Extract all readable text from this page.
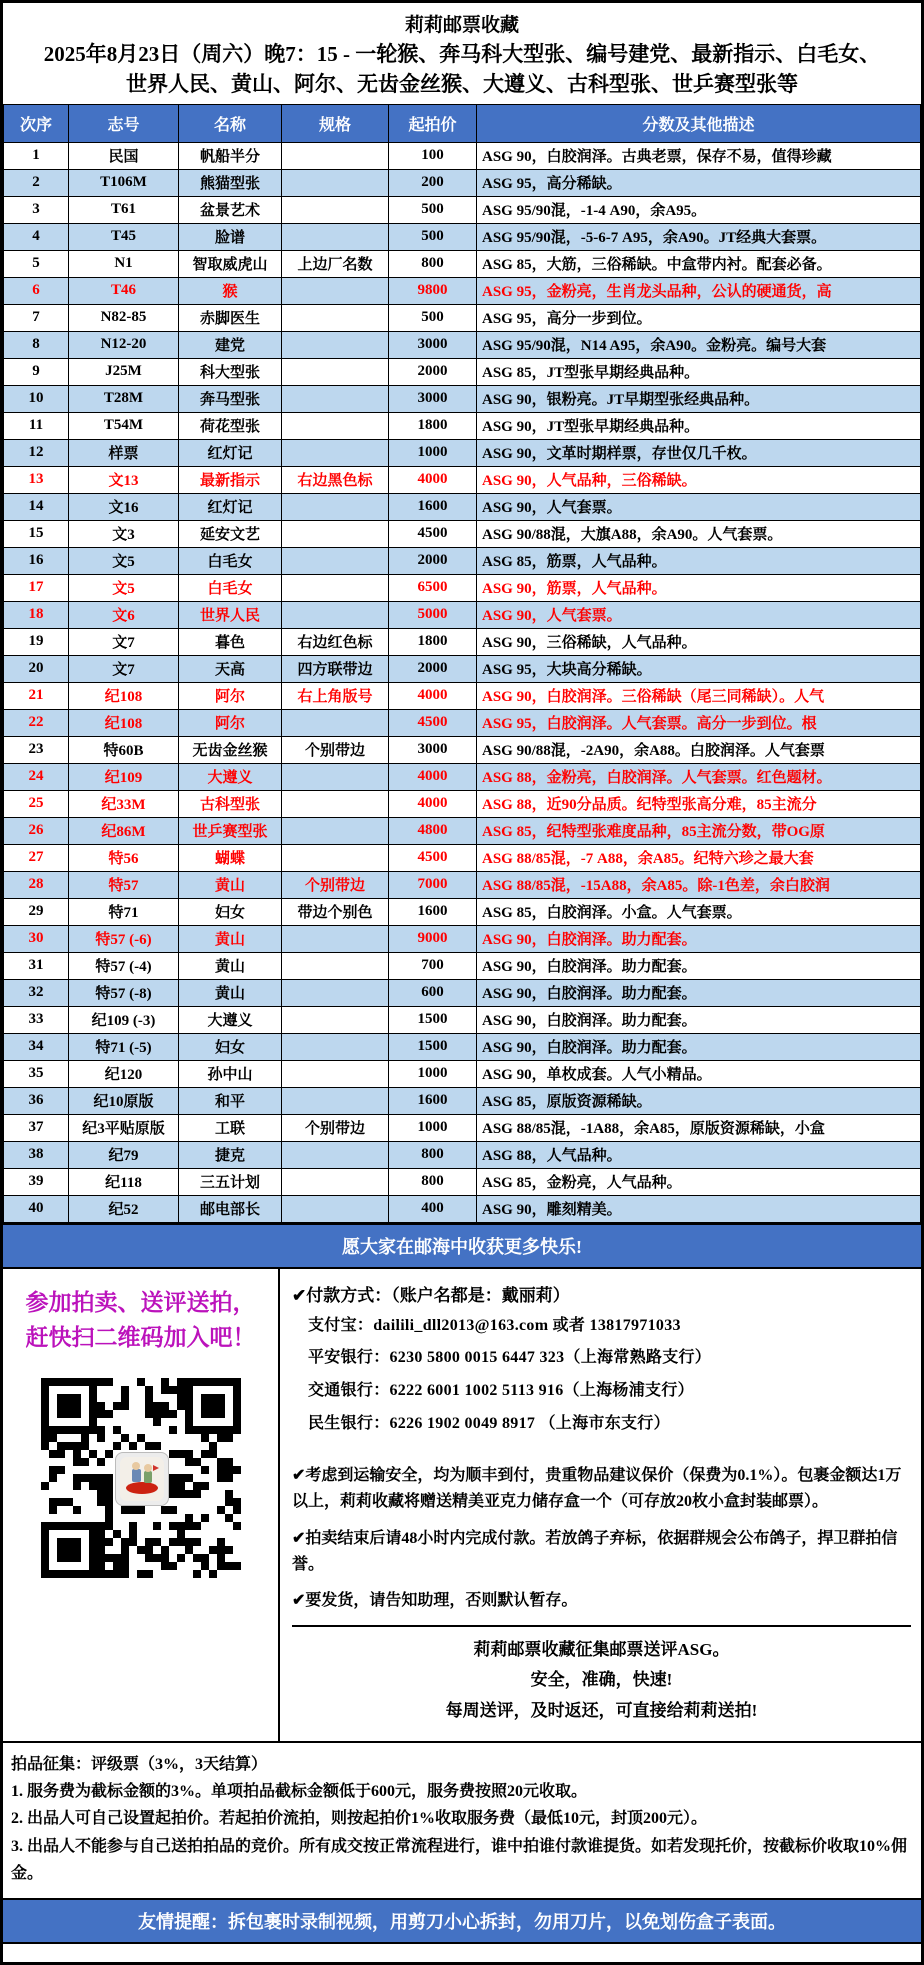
莉莉邮票收藏
2025年8月23日（周六）晚7：15 - 一轮猴、奔马科大型张、编号建党、最新指示、白毛女、
世界人民、黄山、阿尔、无齿金丝猴、大遵义、古科型张、世乒赛型张等
次序	志号	名称	规格	起拍价	分数及其他描述
1	民国	帆船半分		100	ASG 90，白胶润泽。古典老票，保存不易，值得珍藏
2	T106M	熊猫型张		200	ASG 95，高分稀缺。
3	T61	盆景艺术		500	ASG 95/90混，-1-4 A90，余A95。
4	T45	脸谱		500	ASG 95/90混，-5-6-7 A95，余A90。JT经典大套票。
5	N1	智取威虎山	上边厂名数	800	ASG 85，大筋，三俗稀缺。中盒带内衬。配套必备。
6	T46	猴		9800	ASG 95，金粉亮，生肖龙头品种，公认的硬通货，高
7	N82-85	赤脚医生		500	ASG 95，高分一步到位。
8	N12-20	建党		3000	ASG 95/90混，N14 A95，余A90。金粉亮。编号大套
9	J25M	科大型张		2000	ASG 85，JT型张早期经典品种。
10	T28M	奔马型张		3000	ASG 90，银粉亮。JT早期型张经典品种。
11	T54M	荷花型张		1800	ASG 90，JT型张早期经典品种。
12	样票	红灯记		1000	ASG 90，文革时期样票，存世仅几千枚。
13	文13	最新指示	右边黑色标	4000	ASG 90，人气品种，三俗稀缺。
14	文16	红灯记		1600	ASG 90，人气套票。
15	文3	延安文艺		4500	ASG 90/88混，大旗A88，余A90。人气套票。
16	文5	白毛女		2000	ASG 85，筋票，人气品种。
17	文5	白毛女		6500	ASG 90，筋票，人气品种。
18	文6	世界人民		5000	ASG 90，人气套票。
19	文7	暮色	右边红色标	1800	ASG 90，三俗稀缺，人气品种。
20	文7	天高	四方联带边	2000	ASG 95，大块高分稀缺。
21	纪108	阿尔	右上角版号	4000	ASG 90，白胶润泽。三俗稀缺（尾三同稀缺）。人气
22	纪108	阿尔		4500	ASG 95，白胶润泽。人气套票。高分一步到位。根
23	特60B	无齿金丝猴	个别带边	3000	ASG 90/88混，-2A90，余A88。白胶润泽。人气套票
24	纪109	大遵义		4000	ASG 88，金粉亮，白胶润泽。人气套票。红色题材。
25	纪33M	古科型张		4000	ASG 88，近90分品质。纪特型张高分难，85主流分
26	纪86M	世乒赛型张		4800	ASG 85，纪特型张难度品种，85主流分数，带OG原
27	特56	蝴蝶		4500	ASG 88/85混，-7 A88，余A85。纪特六珍之最大套
28	特57	黄山	个别带边	7000	ASG 88/85混，-15A88，余A85。除-1色差，余白胶润
29	特71	妇女	带边个别色	1600	ASG 85，白胶润泽。小盒。人气套票。
30	特57 (-6)	黄山		9000	ASG 90，白胶润泽。助力配套。
31	特57 (-4)	黄山		700	ASG 90，白胶润泽。助力配套。
32	特57 (-8)	黄山		600	ASG 90，白胶润泽。助力配套。
33	纪109 (-3)	大遵义		1500	ASG 90，白胶润泽。助力配套。
34	特71 (-5)	妇女		1500	ASG 90，白胶润泽。助力配套。
35	纪120	孙中山		1000	ASG 90，单枚成套。人气小精品。
36	纪10原版	和平		1600	ASG 85，原版资源稀缺。
37	纪3平贴原版	工联	个别带边	1000	ASG 88/85混，-1A88，余A85，原版资源稀缺，小盒
38	纪79	捷克		800	ASG 88，人气品种。
39	纪118	三五计划		800	ASG 85，金粉亮，人气品种。
40	纪52	邮电部长		400	ASG 90，雕刻精美。
愿大家在邮海中收获更多快乐!
参加拍卖、送评送拍，
赶快扫二维码加入吧！
✔付款方式：（账户名都是：戴丽莉）
支付宝：dailili_dll2013@163.com 或者 13817971033
平安银行：6230 5800 0015 6447 323（上海常熟路支行）
交通银行：6222 6001 1002 5113 916（上海杨浦支行）
民生银行：6226 1902 0049 8917 （上海市东支行）
✔考虑到运输安全，均为顺丰到付，贵重物品建议保价（保费为0.1%）。包裹金额达1万以上，莉莉收藏将赠送精美亚克力储存盒一个（可存放20枚小盒封装邮票）。
✔拍卖结束后请48小时内完成付款。若放鸽子弃标，依据群规会公布鸽子，捍卫群拍信誉。
✔要发货，请告知助理，否则默认暂存。
莉莉邮票收藏征集邮票送评ASG。
安全，准确，快速!
每周送评，及时返还，可直接给莉莉送拍!
拍品征集：评级票（3%，3天结算）
1. 服务费为截标金额的3%。单项拍品截标金额低于600元，服务费按照20元收取。
2. 出品人可自己设置起拍价。若起拍价流拍，则按起拍价1%收取服务费（最低10元，封顶200元）。
3. 出品人不能参与自己送拍拍品的竞价。所有成交按正常流程进行，谁中拍谁付款谁提货。如若发现托价，按截标价收取10%佣金。
友情提醒：拆包裹时录制视频，用剪刀小心拆封，勿用刀片，以免划伤盒子表面。
